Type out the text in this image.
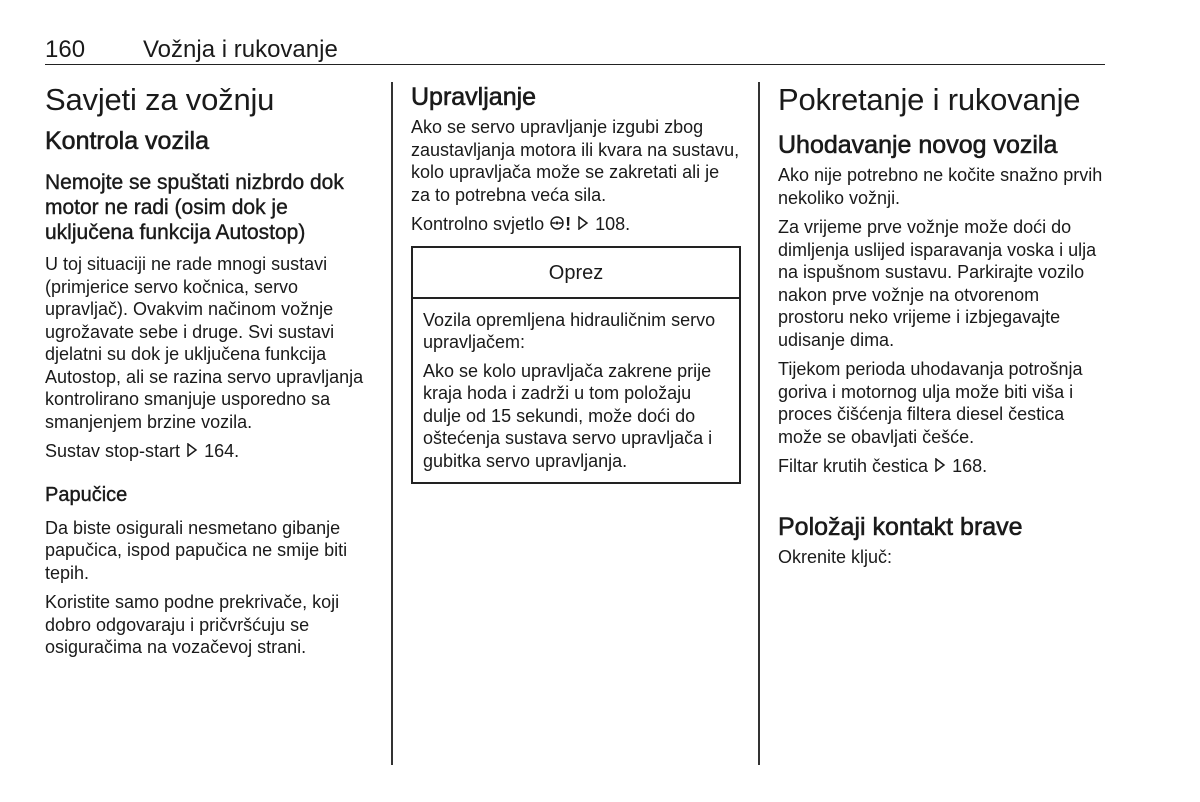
160 Vožnja i rukovanje
Savjeti za vožnju
Kontrola vozila
Nemojte se spuštati nizbrdo dok motor ne radi (osim dok je uključena funkcija Autostop)

U toj situaciji ne rade mnogi sustavi (primjerice servo kočnica, servo upravljač). Ovakvim načinom vožnje ugrožavate sebe i druge. Svi sustavi djelatni su dok je uključena funkcija Autostop, ali se razina servo upravljanja kontrolirano smanjuje usporedno sa smanjenjem brzine vozila.

Sustav stop-start 164.

Papučice

Da biste osigurali nesmetano gibanje papučica, ispod papučica ne smije biti tepih.

Koristite samo podne prekrivače, koji dobro odgovaraju i pričvršćuju se osiguračima na vozačevoj strani.

Upravljanje

Ako se servo upravljanje izgubi zbog zaustavljanja motora ili kvara na sustavu, kolo upravljača može se zakretati ali je za to potrebna veća sila.

Kontrolno svjetlo ! 108.

Oprez

Vozila opremljena hidrauličnim servo upravljačem:

Ako se kolo upravljača zakrene prije kraja hoda i zadrži u tom položaju dulje od 15 sekundi, može doći do oštećenja sustava servo upravljača i gubitka servo upravljanja.

Pokretanje i rukovanje
Uhodavanje novog vozila

Ako nije potrebno ne kočite snažno prvih nekoliko vožnji.

Za vrijeme prve vožnje može doći do dimljenja uslijed isparavanja voska i ulja na ispušnom sustavu. Parkirajte vozilo nakon prve vožnje na otvorenom prostoru neko vrijeme i izbjegavajte udisanje dima.

Tijekom perioda uhodavanja potrošnja goriva i motornog ulja može biti viša i proces čišćenja filtera diesel čestica može se obavljati češće.

Filtar krutih čestica 168.

Položaji kontakt brave

Okrenite ključ:
